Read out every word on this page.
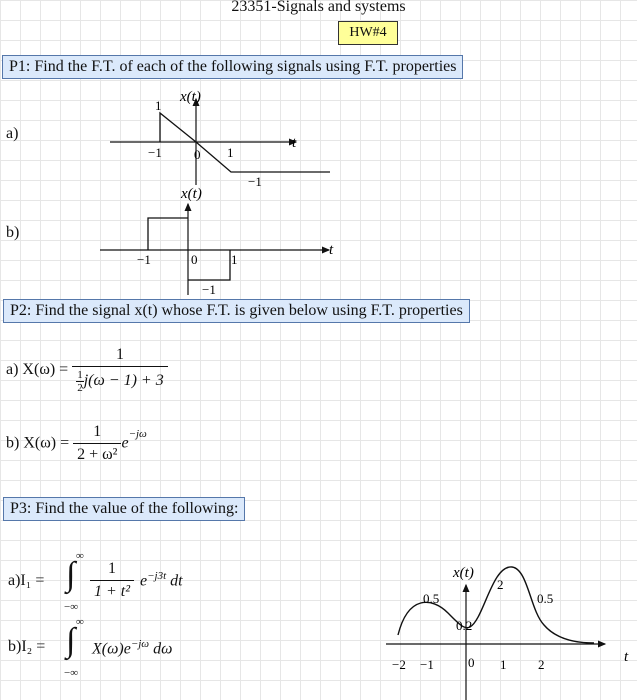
23351-Signals and systems
HW#4
P1: Find the F.T. of each of the following signals using F.T. properties
a)
x(t)
t
1
−1 0 1
−1
b)
x(t)
t
−1	0	1
−1
P2: Find the signal x(t) whose F.T. is given below using F.T. properties
a) $X(\omega) = \frac{1}{\frac{1}{2} j(\omega - 1) + 3}$
b) $X(\omega) = \frac{1}{\text{2 + ω²}} e^{-j\omega}$
P3: Find the value of the following:
a)I₁ =
∞
∫
−∞
$\frac{1}{\text{1 + t²}} e^{-j3t}$ dt
b)I₂ =
∞
∫
−∞
$X(\omega)e^{-j\omega}$ dω
x(t)
t
0.5
0.2
2
0.5
−2 −1	0 1 2
